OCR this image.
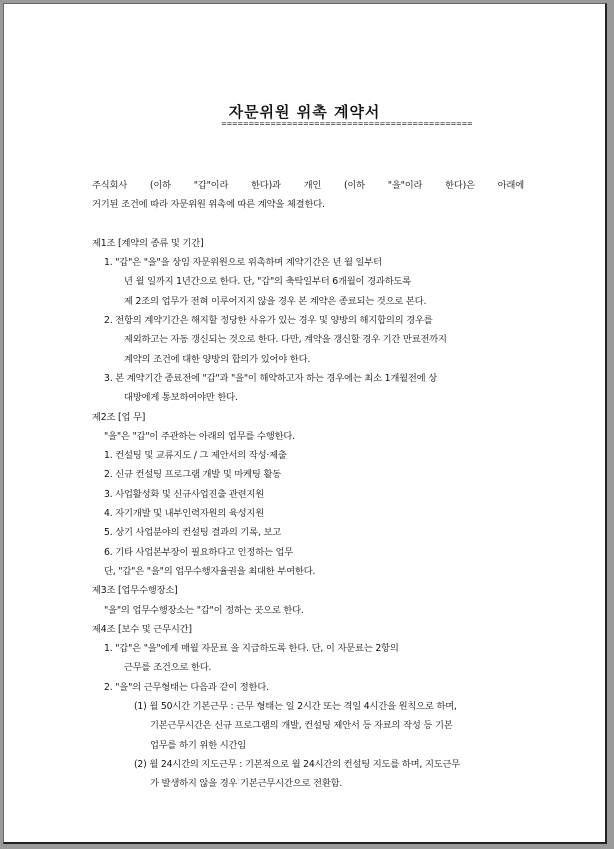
자문위원 위촉 계약서
==============================================
주식회사 (이하 "갑"이라 한다)과 개인 (이하 "을"이라 한다)은 아래에
거기된 조건에 따라 자문위원 위촉에 따른 계약을 체결한다.
제1조 [계약의 종류 및 기간]
1. "갑"은 "을"을 상임 자문위원으로 위촉하며 계약기간은 년 월 일부터
년 월 일까지 1년간으로 한다. 단, "갑"의 축탁일부터 6개월이 경과하도록
제 2조의 업무가 전혀 이루어지지 않을 경우 본 계약은 종료되는 것으로 본다.
2. 전항의 계약기간은 해지할 정당한 사유가 있는 경우 및 양방의 해지합의의 경우를
제외하고는 자동 갱신되는 것으로 한다. 다만, 계약을 갱신할 경우 기간 만료전까지
계약의 조건에 대한 양방의 합의가 있어야 한다.
3. 본 계약기간 종료전에 "갑"과 "을"이 해약하고자 하는 경우에는 최소 1개월전에 상
대방에게 통보하여야만 한다.
제2조 [업 무]
"을"은 "갑"이 주관하는 아래의 업무를 수행한다.
1. 컨설팅 및 교류지도 / 그 제안서의 작성·제출
2. 신규 컨설팅 프로그램 개발 및 마케팅 활동
3. 사업활성화 및 신규사업진출 관련지원
4. 자기개발 및 내부인력자원의 육성지원
5. 상기 사업분야의 컨설팅 결과의 기록, 보고
6. 기타 사업본부장이 필요하다고 인정하는 업무
단, "갑"은 "을"의 업무수행자율권을 최대한 부여한다.
제3조 [업무수행장소]
"을"의 업무수행장소는 "갑"이 정하는 곳으로 한다.
제4조 [보수 및 근무시간]
1. "갑"은 "을"에게 매월 자문료 을 지급하도록 한다. 단, 이 자문료는 2항의
근무를 조건으로 한다.
2. "을"의 근무형태는 다음과 같이 정한다.
(1) 월 50시간 기본근무 : 근무 형태는 일 2시간 또는 격일 4시간을 원칙으로 하며,
기본근무시간은 신규 프로그램의 개발, 컨설팅 제안서 등 자료의 작성 등 기본
업무를 하기 위한 시간임
(2) 월 24시간의 지도근무 : 기본적으로 월 24시간의 컨설팅 지도를 하며, 지도근무
가 발생하지 않을 경우 기본근무시간으로 전환함.
